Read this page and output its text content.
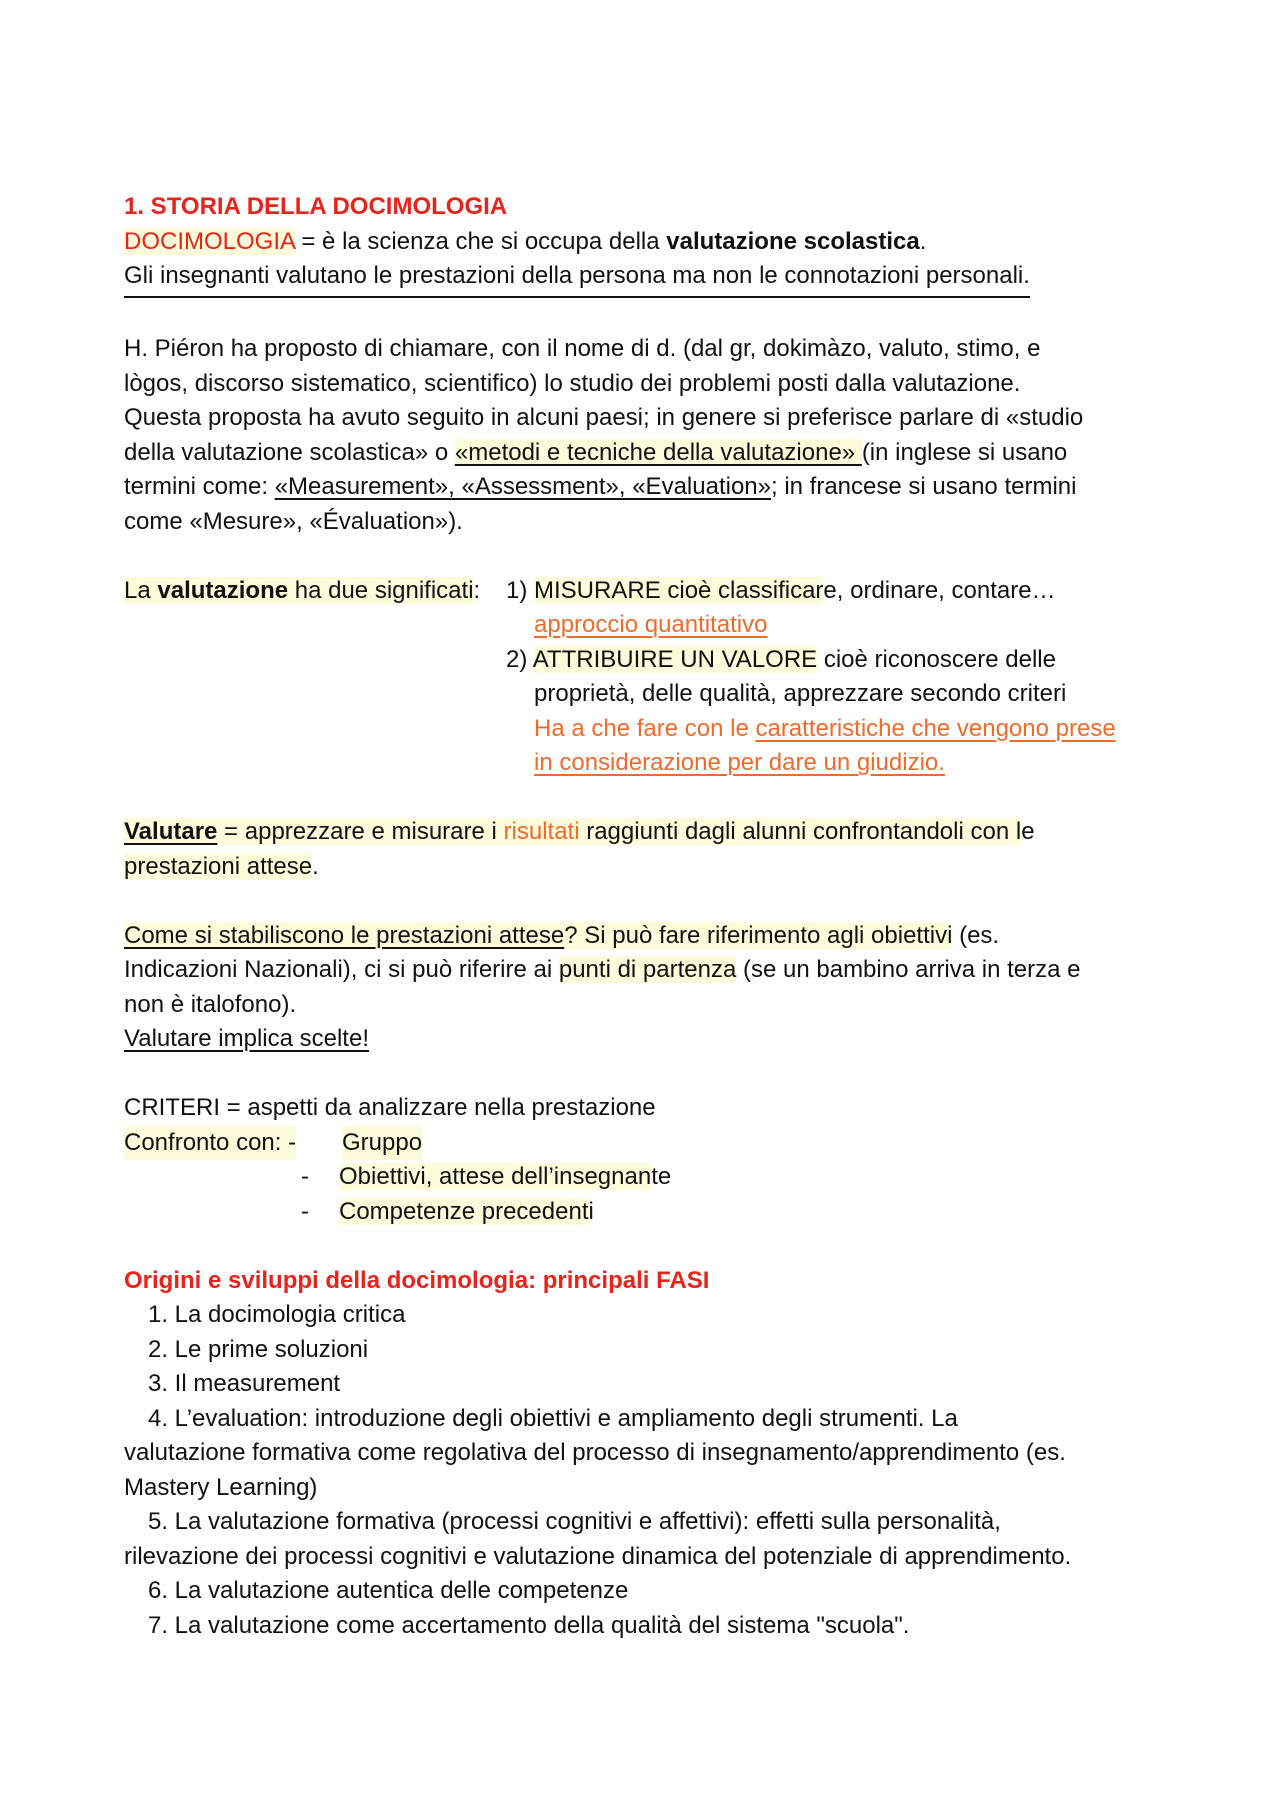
1. STORIA DELLA DOCIMOLOGIA
DOCIMOLOGIA = è la scienza che si occupa della valutazione scolastica.
Gli insegnanti valutano le prestazioni della persona ma non le connotazioni personali.
H. Piéron ha proposto di chiamare, con il nome di d. (dal gr, dokimàzo, valuto, stimo, e
lògos, discorso sistematico, scientifico) lo studio dei problemi posti dalla valutazione.
Questa proposta ha avuto seguito in alcuni paesi; in genere si preferisce parlare di «studio
della valutazione scolastica» o «metodi e tecniche della valutazione» (in inglese si usano
termini come: «Measurement», «Assessment», «Evaluation»; in francese si usano termini
come «Mesure», «Évaluation»).
La valutazione ha due significati: 1) MISURARE cioè classificare, ordinare, contare…
approccio quantitativo
2) ATTRIBUIRE UN VALORE cioè riconoscere delle
proprietà, delle qualità, apprezzare secondo criteri
Ha a che fare con le caratteristiche che vengono prese
in considerazione per dare un giudizio.
Valutare = apprezzare e misurare i risultati raggiunti dagli alunni confrontandoli con le
prestazioni attese.
Come si stabiliscono le prestazioni attese? Si può fare riferimento agli obiettivi (es.
Indicazioni Nazionali), ci si può riferire ai punti di partenza (se un bambino arriva in terza e
non è italofono).
Valutare implica scelte!
CRITERI = aspetti da analizzare nella prestazione
Confronto con: - Gruppo
- Obiettivi, attese dell’insegnante
- Competenze precedenti
Origini e sviluppi della docimologia: principali FASI
1. La docimologia critica
2. Le prime soluzioni
3. Il measurement
4. L’evaluation: introduzione degli obiettivi e ampliamento degli strumenti. La
valutazione formativa come regolativa del processo di insegnamento/apprendimento (es.
Mastery Learning)
5. La valutazione formativa (processi cognitivi e affettivi): effetti sulla personalità,
rilevazione dei processi cognitivi e valutazione dinamica del potenziale di apprendimento.
6. La valutazione autentica delle competenze
7. La valutazione come accertamento della qualità del sistema "scuola".
